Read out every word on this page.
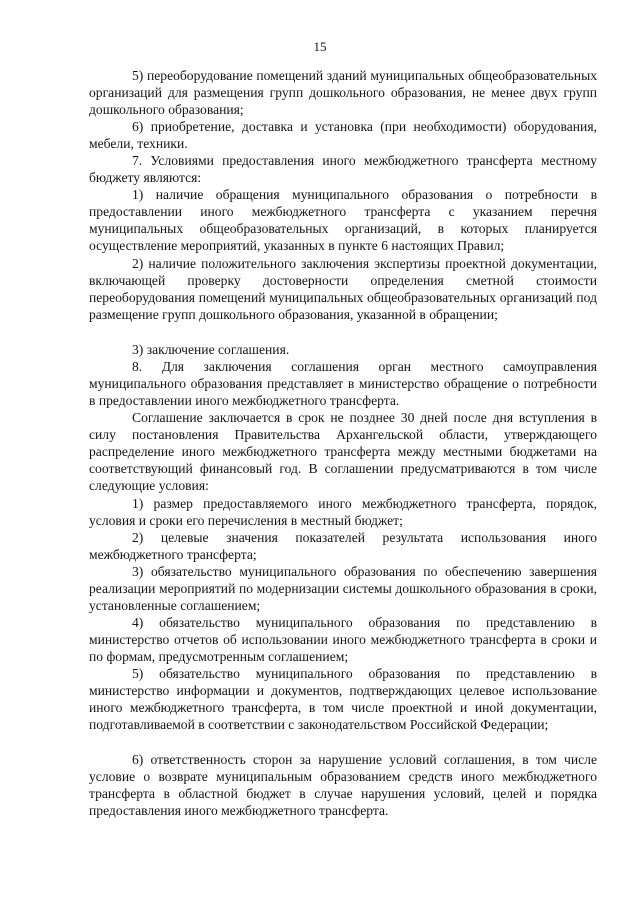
15

5) переоборудование помещений зданий муниципальных общеобразовательных организаций для размещения групп дошкольного образования, не менее двух групп дошкольного образования;

6) приобретение, доставка и установка (при необходимости) оборудования, мебели, техники.

7. Условиями предоставления иного межбюджетного трансферта местному бюджету являются:

1) наличие обращения муниципального образования о потребности в предоставлении иного межбюджетного трансферта с указанием перечня муниципальных общеобразовательных организаций, в которых планируется осуществление мероприятий, указанных в пункте 6 настоящих Правил;

2) наличие положительного заключения экспертизы проектной документации, включающей проверку достоверности определения сметной стоимости переоборудования помещений муниципальных общеобразовательных организаций под размещение групп дошкольного образования, указанной в обращении;

3) заключение соглашения.

8. Для заключения соглашения орган местного самоуправления муниципального образования представляет в министерство обращение о потребности в предоставлении иного межбюджетного трансферта.

Соглашение заключается в срок не позднее 30 дней после дня вступления в силу постановления Правительства Архангельской области, утверждающего распределение иного межбюджетного трансферта между местными бюджетами на соответствующий финансовый год. В соглашении предусматриваются в том числе следующие условия:

1) размер предоставляемого иного межбюджетного трансферта, порядок, условия и сроки его перечисления в местный бюджет;

2) целевые значения показателей результата использования иного межбюджетного трансферта;

3) обязательство муниципального образования по обеспечению завершения реализации мероприятий по модернизации системы дошкольного образования в сроки, установленные соглашением;

4) обязательство муниципального образования по представлению в министерство отчетов об использовании иного межбюджетного трансферта в сроки и по формам, предусмотренным соглашением;

5) обязательство муниципального образования по представлению в министерство информации и документов, подтверждающих целевое использование иного межбюджетного трансферта, в том числе проектной и иной документации, подготавливаемой в соответствии с законодательством Российской Федерации;

6) ответственность сторон за нарушение условий соглашения, в том числе условие о возврате муниципальным образованием средств иного межбюджетного трансферта в областной бюджет в случае нарушения условий, целей и порядка предоставления иного межбюджетного трансферта.
